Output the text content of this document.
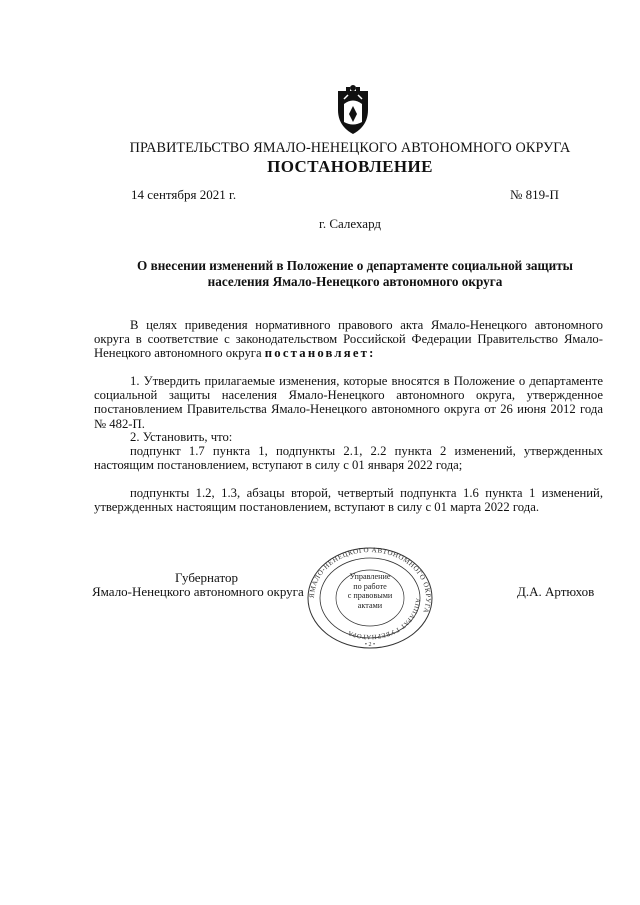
ПРАВИТЕЛЬСТВО ЯМАЛО-НЕНЕЦКОГО АВТОНОМНОГО ОКРУГА
ПОСТАНОВЛЕНИЕ
14 сентября 2021 г.	№ 819-П
г. Салехард
О внесении изменений в Положение о департаменте социальной защиты
населения Ямало-Ненецкого автономного округа
В целях приведения нормативного правового акта Ямало-Ненецкого автономного округа в соответствие с законодательством Российской Федерации Правительство Ямало-Ненецкого автономного округа постановляет:
1. Утвердить прилагаемые изменения, которые вносятся в Положение о департаменте социальной защиты населения Ямало-Ненецкого автономного округа, утвержденное постановлением Правительства Ямало-Ненецкого автономного округа от 26 июня 2012 года № 482-П.
2. Установить, что:
подпункт 1.7 пункта 1, подпункты 2.1, 2.2 пункта 2 изменений, утвержденных настоящим постановлением, вступают в силу с 01 января 2022 года;
подпункты 1.2, 1.3, абзацы второй, четвертый подпункта 1.6 пункта 1 изменений, утвержденных настоящим постановлением, вступают в силу с 01 марта 2022 года.
Губернатор
Ямало-Ненецкого автономного округа	Д.А. Артюхов
ЯМАЛО-НЕНЕЦКОГО АВТОНОМНОГО ОКРУГА
АППАРАТ ГУБЕРНАТОРА
• 2 •
Управление
по работе
с правовыми
актами
